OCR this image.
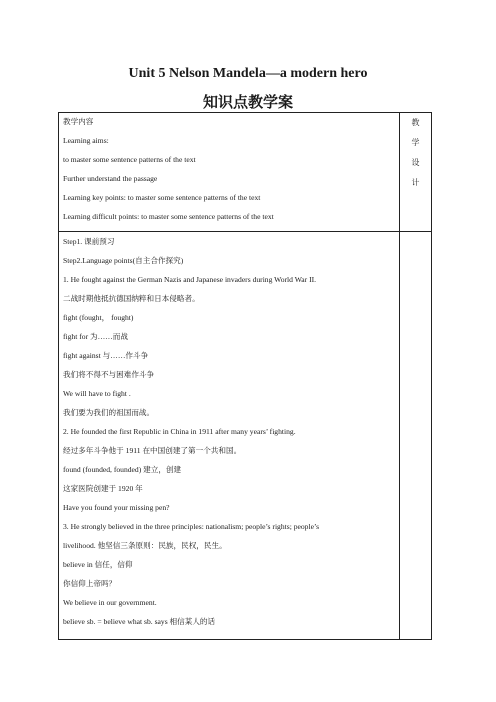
Unit 5 Nelson Mandela—a modern hero
知识点教学案
教学内容
Learning aims:
to master some sentence patterns of the text
Further understand the passage
Learning key points: to master some sentence patterns of the text
Learning difficult points: to master some sentence patterns of the text
教
学
设
计
Step1. 课前预习
Step2.Language points(自主合作探究)
1. He fought against the German Nazis and Japanese invaders during World War II.
二战时期他抵抗德国纳粹和日本侵略者。
fight (fought， fought)
fight for 为……而战
fight against 与……作斗争
我们将不得不与困难作斗争
We will have to fight .
我们要为我们的祖国而战。
2. He founded the first Republic in China in 1911 after many years’ fighting.
经过多年斗争他于 1911 在中国创建了第一个共和国。
found (founded, founded) 建立，创建
这家医院创建于 1920 年
Have you found your missing pen?
3. He strongly believed in the three principles: nationalism; people’s rights; people’s
livelihood. 他坚信三条原则：民族，民权，民生。
believe in 信任，信仰
你信仰上帝吗？
We believe in our government.
believe sb. = believe what sb. says 相信某人的话
